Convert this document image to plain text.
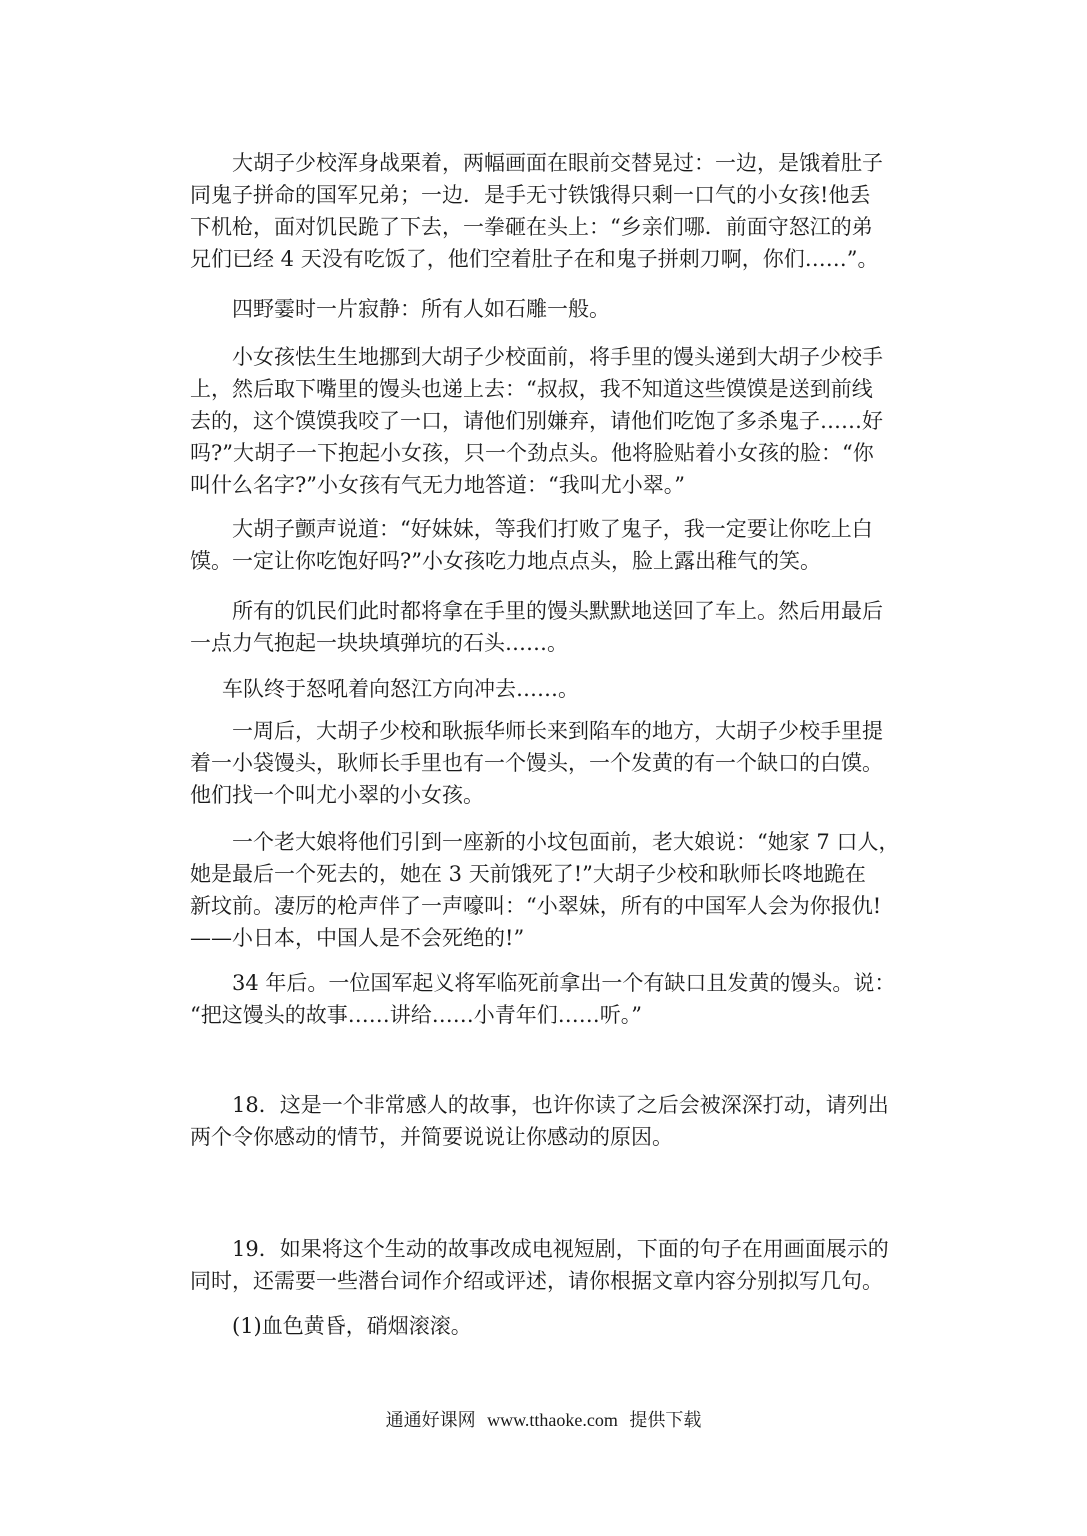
大胡子少校浑身战栗着，两幅画面在眼前交替晃过：一边，是饿着肚子
同鬼子拼命的国军兄弟；一边．是手无寸铁饿得只剩一口气的小女孩!他丢
下机枪，面对饥民跪了下去，一拳砸在头上：“乡亲们哪．前面守怒江的弟
兄们已经 4 天没有吃饭了，他们空着肚子在和鬼子拼刺刀啊，你们……”。

四野霎时一片寂静：所有人如石雕一般。

小女孩怯生生地挪到大胡子少校面前，将手里的馒头递到大胡子少校手
上，然后取下嘴里的馒头也递上去：“叔叔，我不知道这些馍馍是送到前线
去的，这个馍馍我咬了一口，请他们别嫌弃，请他们吃饱了多杀鬼子……好
吗?”大胡子一下抱起小女孩，只一个劲点头。他将脸贴着小女孩的脸：“你
叫什么名字?”小女孩有气无力地答道：“我叫尤小翠。”

大胡子颤声说道：“好妹妹，等我们打败了鬼子，我一定要让你吃上白
馍。一定让你吃饱好吗?”小女孩吃力地点点头，脸上露出稚气的笑。

所有的饥民们此时都将拿在手里的馒头默默地送回了车上。然后用最后
一点力气抱起一块块填弹坑的石头……。

车队终于怒吼着向怒江方向冲去……。

一周后，大胡子少校和耿振华师长来到陷车的地方，大胡子少校手里提
着一小袋馒头，耿师长手里也有一个馒头，一个发黄的有一个缺口的白馍。
他们找一个叫尤小翠的小女孩。

一个老大娘将他们引到一座新的小坟包面前，老大娘说：“她家 7 口人，
她是最后一个死去的，她在 3 天前饿死了!”大胡子少校和耿师长咚地跪在
新坟前。凄厉的枪声伴了一声嚎叫：“小翠妹，所有的中国军人会为你报仇!
——小日本，中国人是不会死绝的!”

34 年后。一位国军起义将军临死前拿出一个有缺口且发黄的馒头。说：
“把这馒头的故事……讲给……小青年们……听。”

18．这是一个非常感人的故事，也许你读了之后会被深深打动，请列出
两个令你感动的情节，并简要说说让你感动的原因。

19．如果将这个生动的故事改成电视短剧，下面的句子在用画面展示的
同时，还需要一些潜台词作介绍或评述，请你根据文章内容分别拟写几句。

(1)血色黄昏，硝烟滚滚。

通通好课网 www.tthaoke.com 提供下载
